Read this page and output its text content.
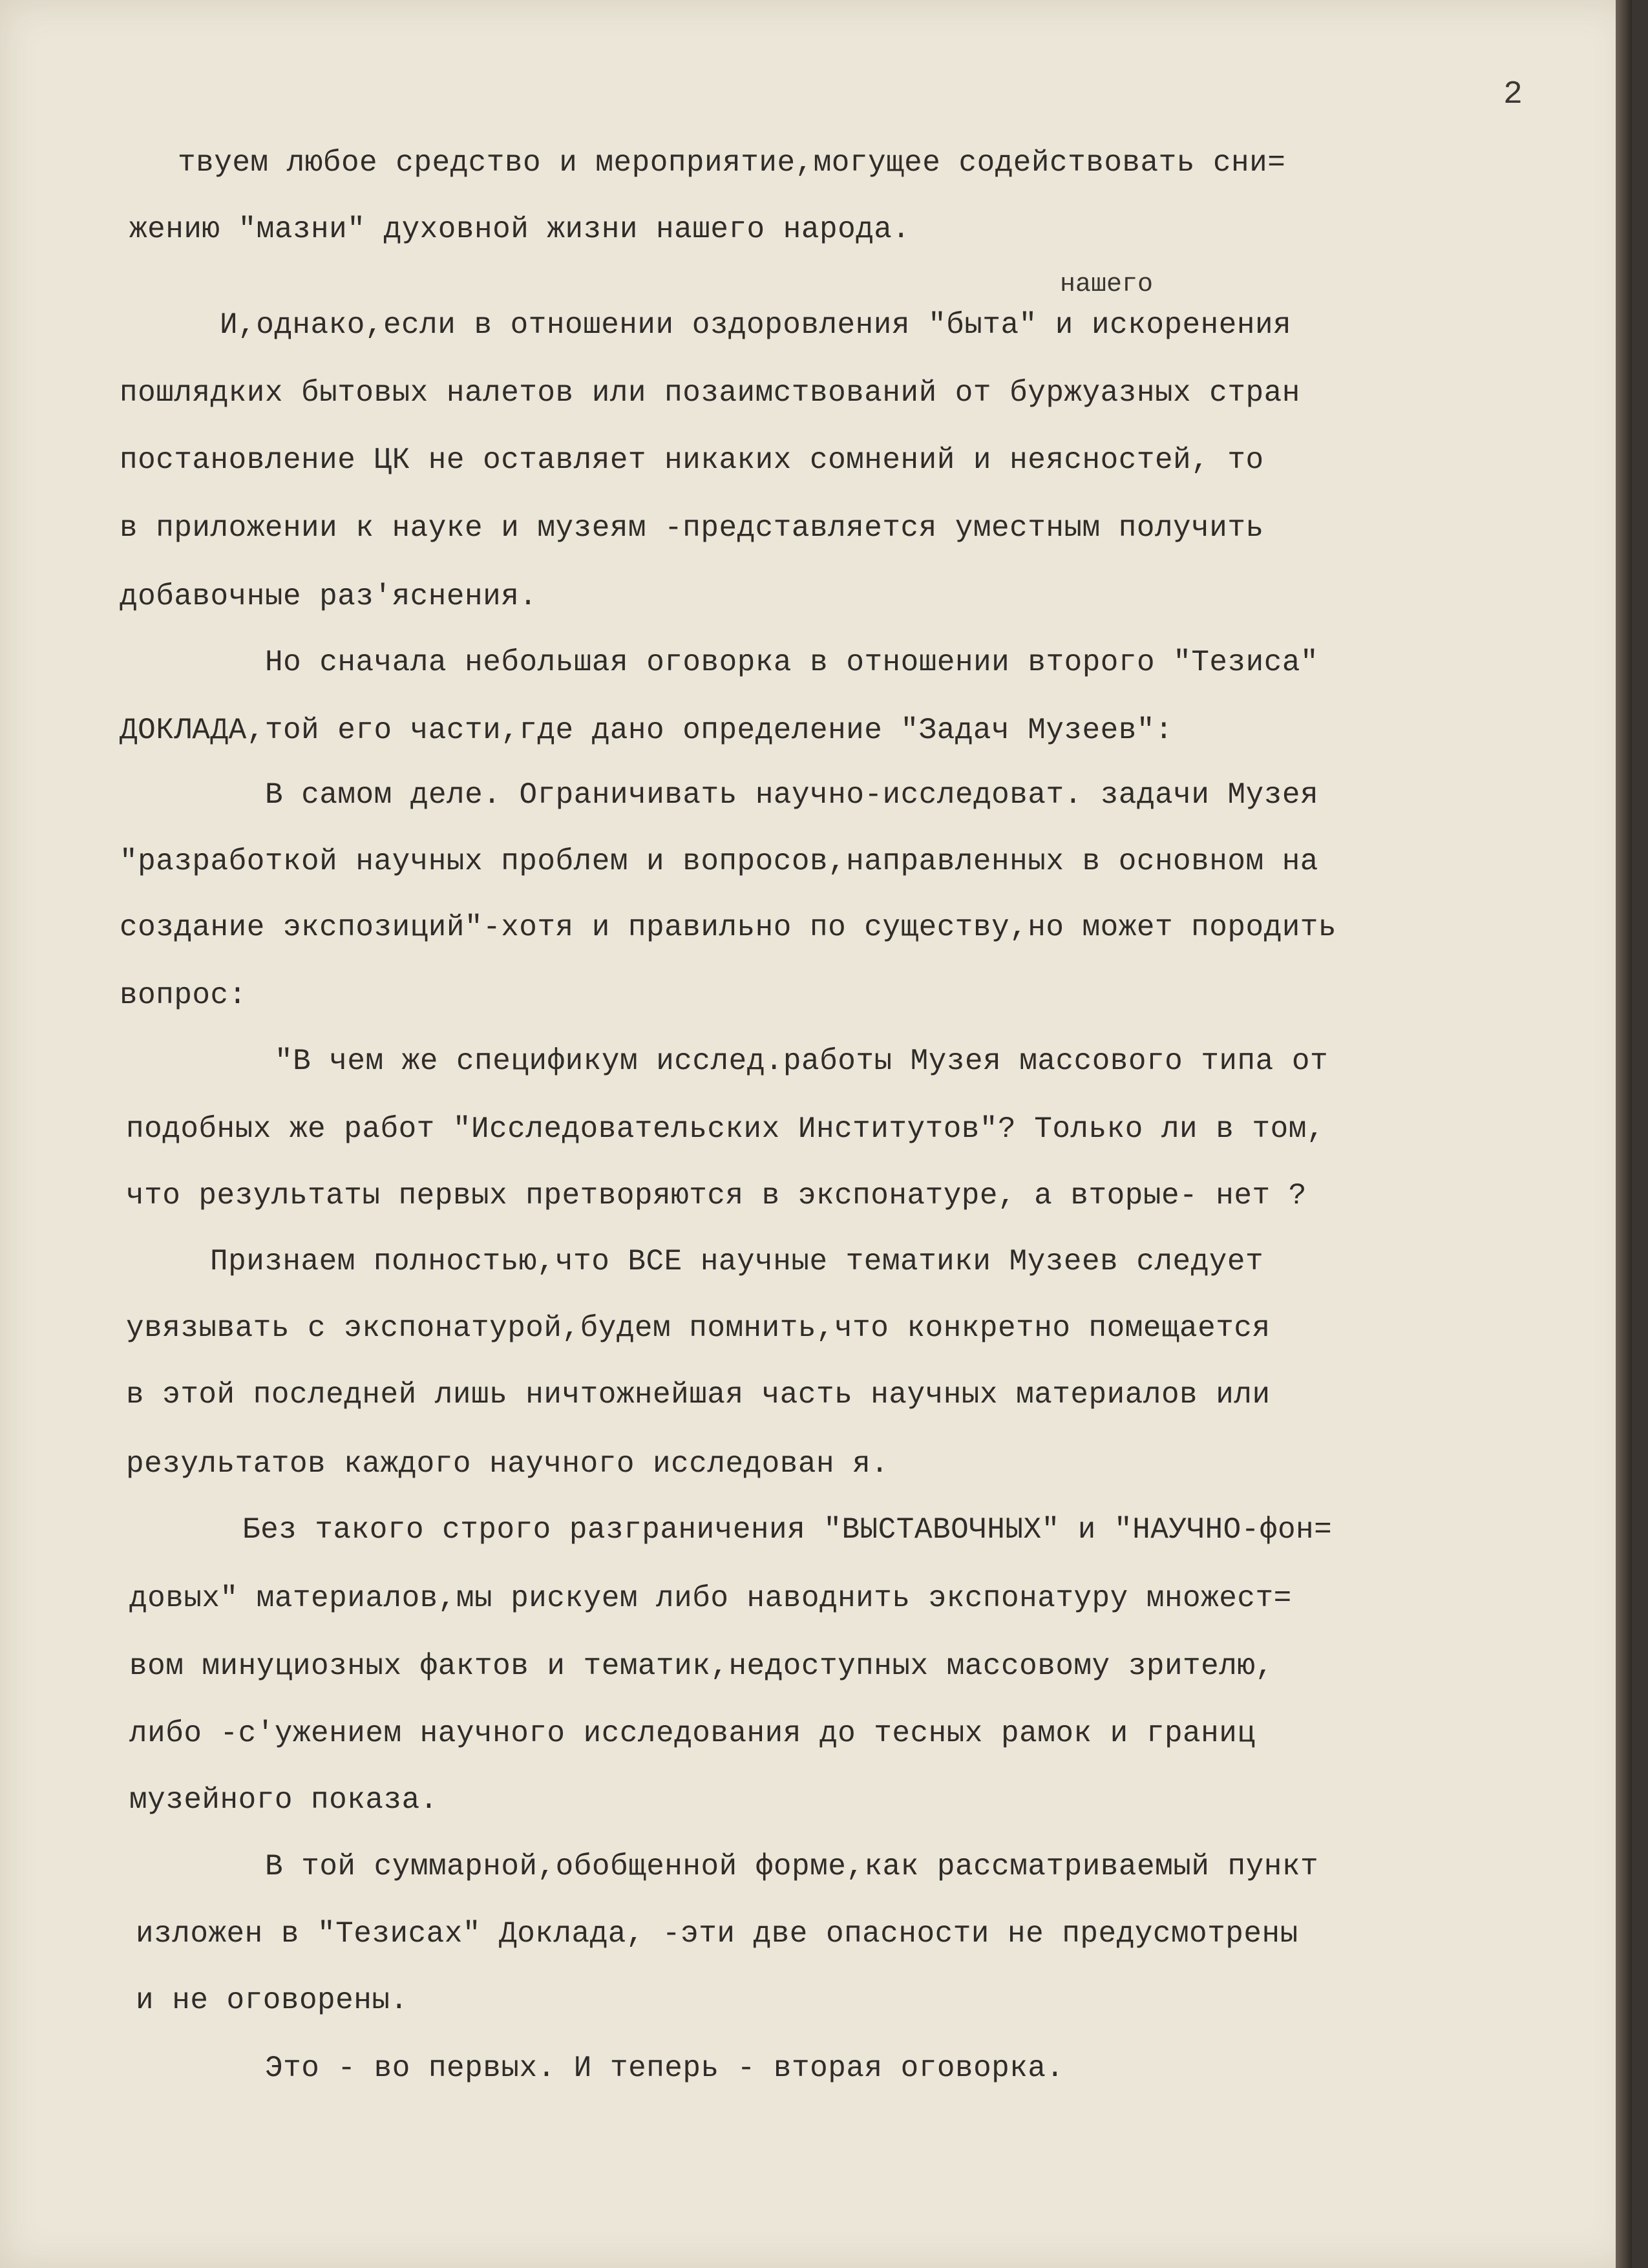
2
нашего
твуем любое средство и мероприятие,могущее содействовать сни=
жению "мазни" духовной жизни нашего народа.
И,однако,если в отношении оздоровления "быта" и искоренения
пошлядких бытовых налетов или позаимствований от буржуазных стран
постановление ЦК не оставляет никаких сомнений и неясностей, то
в приложении к науке и музеям -представляется уместным получить
добавочные раз'яснения.
Но сначала небольшая оговорка в отношении второго "Тезиса"
ДОКЛАДА,той его части,где дано определение "Задач Музеев":
В самом деле. Ограничивать научно-исследоват. задачи Музея
"разработкой научных проблем и вопросов,направленных в основном на
создание экспозиций"-хотя и правильно по существу,но может породить
вопрос:
"В чем же спецификум исслед.работы Музея массового типа от
подобных же работ "Исследовательских Институтов"? Только ли в том,
что результаты первых претворяются в экспонатуре, а вторые- нет ?
Признаем полностью,что ВСЕ научные тематики Музеев следует
увязывать с экспонатурой,будем помнить,что конкретно помещается
в этой последней лишь ничтожнейшая часть научных материалов или
результатов каждого научного исследован я.
Без такого строго разграничения "ВЫСТАВОЧНЫХ" и "НАУЧНО-фон=
довых" материалов,мы рискуем либо наводнить экспонатуру множест=
вом минуциозных фактов и тематик,недоступных массовому зрителю,
либо -с'ужением научного исследования до тесных рамок и границ
музейного показа.
В той суммарной,обобщенной форме,как рассматриваемый пункт
изложен в "Тезисах" Доклада, -эти две опасности не предусмотрены
и не оговорены.
Это - во первых. И теперь - вторая оговорка.
